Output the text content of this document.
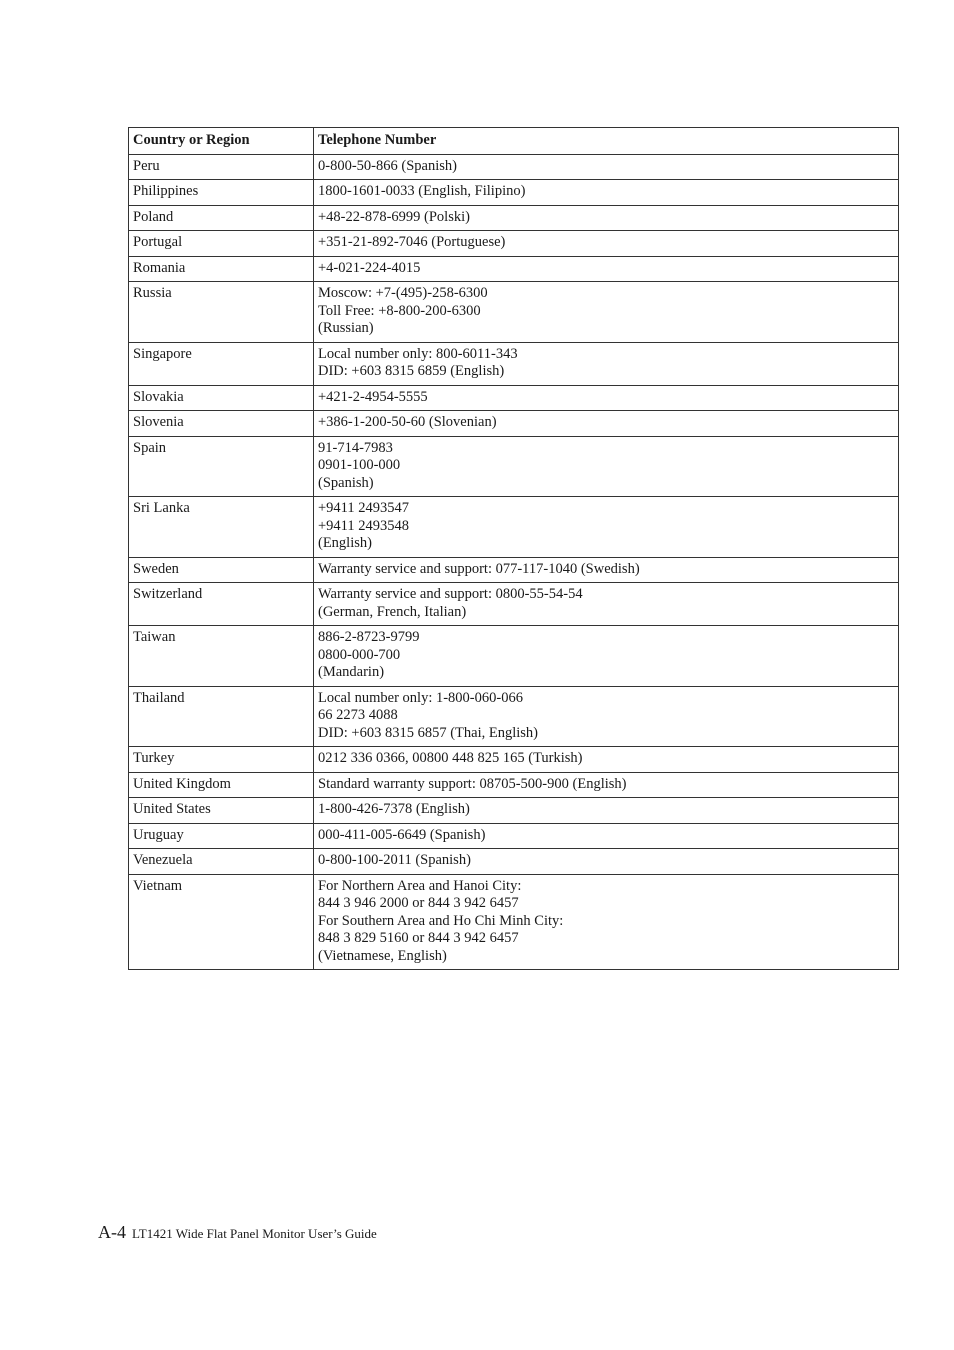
Country or Region	Telephone Number
Peru	0-800-50-866 (Spanish)
Philippines	1800-1601-0033 (English, Filipino)
Poland	+48-22-878-6999 (Polski)
Portugal	+351-21-892-7046 (Portuguese)
Romania	+4-021-224-4015
Russia	Moscow: +7-(495)-258-6300
Toll Free: +8-800-200-6300
(Russian)
Singapore	Local number only: 800-6011-343
DID: +603 8315 6859 (English)
Slovakia	+421-2-4954-5555
Slovenia	+386-1-200-50-60 (Slovenian)
Spain	91-714-7983
0901-100-000
(Spanish)
Sri Lanka	+9411 2493547
+9411 2493548
(English)
Sweden	Warranty service and support: 077-117-1040 (Swedish)
Switzerland	Warranty service and support: 0800-55-54-54
(German, French, Italian)
Taiwan	886-2-8723-9799
0800-000-700
(Mandarin)
Thailand	Local number only: 1-800-060-066
66 2273 4088
DID: +603 8315 6857 (Thai, English)
Turkey	0212 336 0366, 00800 448 825 165 (Turkish)
United Kingdom	Standard warranty support: 08705-500-900 (English)
United States	1-800-426-7378 (English)
Uruguay	000-411-005-6649 (Spanish)
Venezuela	0-800-100-2011 (Spanish)
Vietnam	For Northern Area and Hanoi City:
844 3 946 2000 or 844 3 942 6457
For Southern Area and Ho Chi Minh City:
848 3 829 5160 or 844 3 942 6457
(Vietnamese, English)
A-4 LT1421 Wide Flat Panel Monitor User’s Guide
